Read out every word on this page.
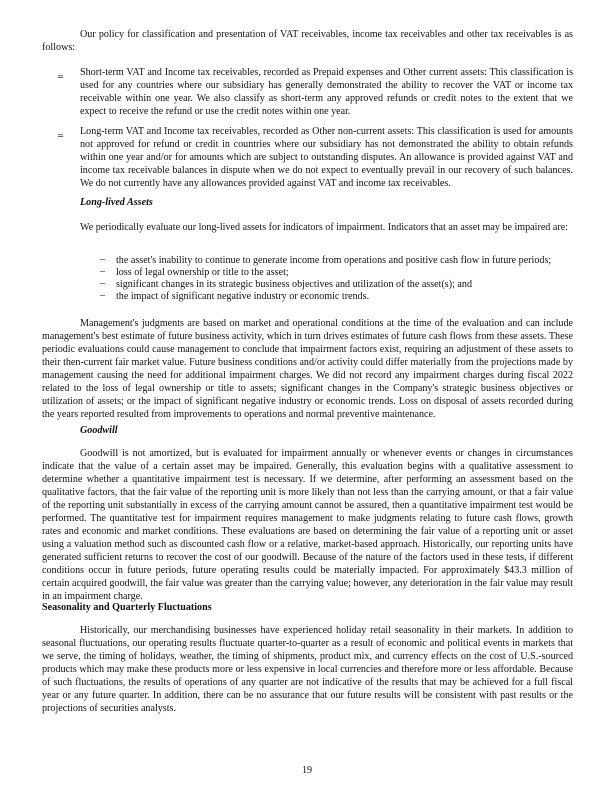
Our policy for classification and presentation of VAT receivables, income tax receivables and other tax receivables is as follows:
‗ Short-term VAT and Income tax receivables, recorded as Prepaid expenses and Other current assets: This classification is used for any countries where our subsidiary has generally demonstrated the ability to recover the VAT or income tax receivable within one year. We also classify as short-term any approved refunds or credit notes to the extent that we expect to receive the refund or use the credit notes within one year.
‗ Long-term VAT and Income tax receivables, recorded as Other non-current assets: This classification is used for amounts not approved for refund or credit in countries where our subsidiary has not demonstrated the ability to obtain refunds within one year and/or for amounts which are subject to outstanding disputes. An allowance is provided against VAT and income tax receivable balances in dispute when we do not expect to eventually prevail in our recovery of such balances. We do not currently have any allowances provided against VAT and income tax receivables.
Long-lived Assets
We periodically evaluate our long-lived assets for indicators of impairment. Indicators that an asset may be impaired are:
‒ the asset's inability to continue to generate income from operations and positive cash flow in future periods;
‒ loss of legal ownership or title to the asset;
‒ significant changes in its strategic business objectives and utilization of the asset(s); and
‒ the impact of significant negative industry or economic trends.
Management's judgments are based on market and operational conditions at the time of the evaluation and can include management's best estimate of future business activity, which in turn drives estimates of future cash flows from these assets. These periodic evaluations could cause management to conclude that impairment factors exist, requiring an adjustment of these assets to their then-current fair market value. Future business conditions and/or activity could differ materially from the projections made by management causing the need for additional impairment charges. We did not record any impairment charges during fiscal 2022 related to the loss of legal ownership or title to assets; significant changes in the Company's strategic business objectives or utilization of assets; or the impact of significant negative industry or economic trends. Loss on disposal of assets recorded during the years reported resulted from improvements to operations and normal preventive maintenance.
Goodwill
Goodwill is not amortized, but is evaluated for impairment annually or whenever events or changes in circumstances indicate that the value of a certain asset may be impaired. Generally, this evaluation begins with a qualitative assessment to determine whether a quantitative impairment test is necessary. If we determine, after performing an assessment based on the qualitative factors, that the fair value of the reporting unit is more likely than not less than the carrying amount, or that a fair value of the reporting unit substantially in excess of the carrying amount cannot be assured, then a quantitative impairment test would be performed. The quantitative test for impairment requires management to make judgments relating to future cash flows, growth rates and economic and market conditions. These evaluations are based on determining the fair value of a reporting unit or asset using a valuation method such as discounted cash flow or a relative, market-based approach. Historically, our reporting units have generated sufficient returns to recover the cost of our goodwill. Because of the nature of the factors used in these tests, if different conditions occur in future periods, future operating results could be materially impacted. For approximately $43.3 million of certain acquired goodwill, the fair value was greater than the carrying value; however, any deterioration in the fair value may result in an impairment charge.
Seasonality and Quarterly Fluctuations
Historically, our merchandising businesses have experienced holiday retail seasonality in their markets. In addition to seasonal fluctuations, our operating results fluctuate quarter-to-quarter as a result of economic and political events in markets that we serve, the timing of holidays, weather, the timing of shipments, product mix, and currency effects on the cost of U.S.-sourced products which may make these products more or less expensive in local currencies and therefore more or less affordable. Because of such fluctuations, the results of operations of any quarter are not indicative of the results that may be achieved for a full fiscal year or any future quarter. In addition, there can be no assurance that our future results will be consistent with past results or the projections of securities analysts.
19
